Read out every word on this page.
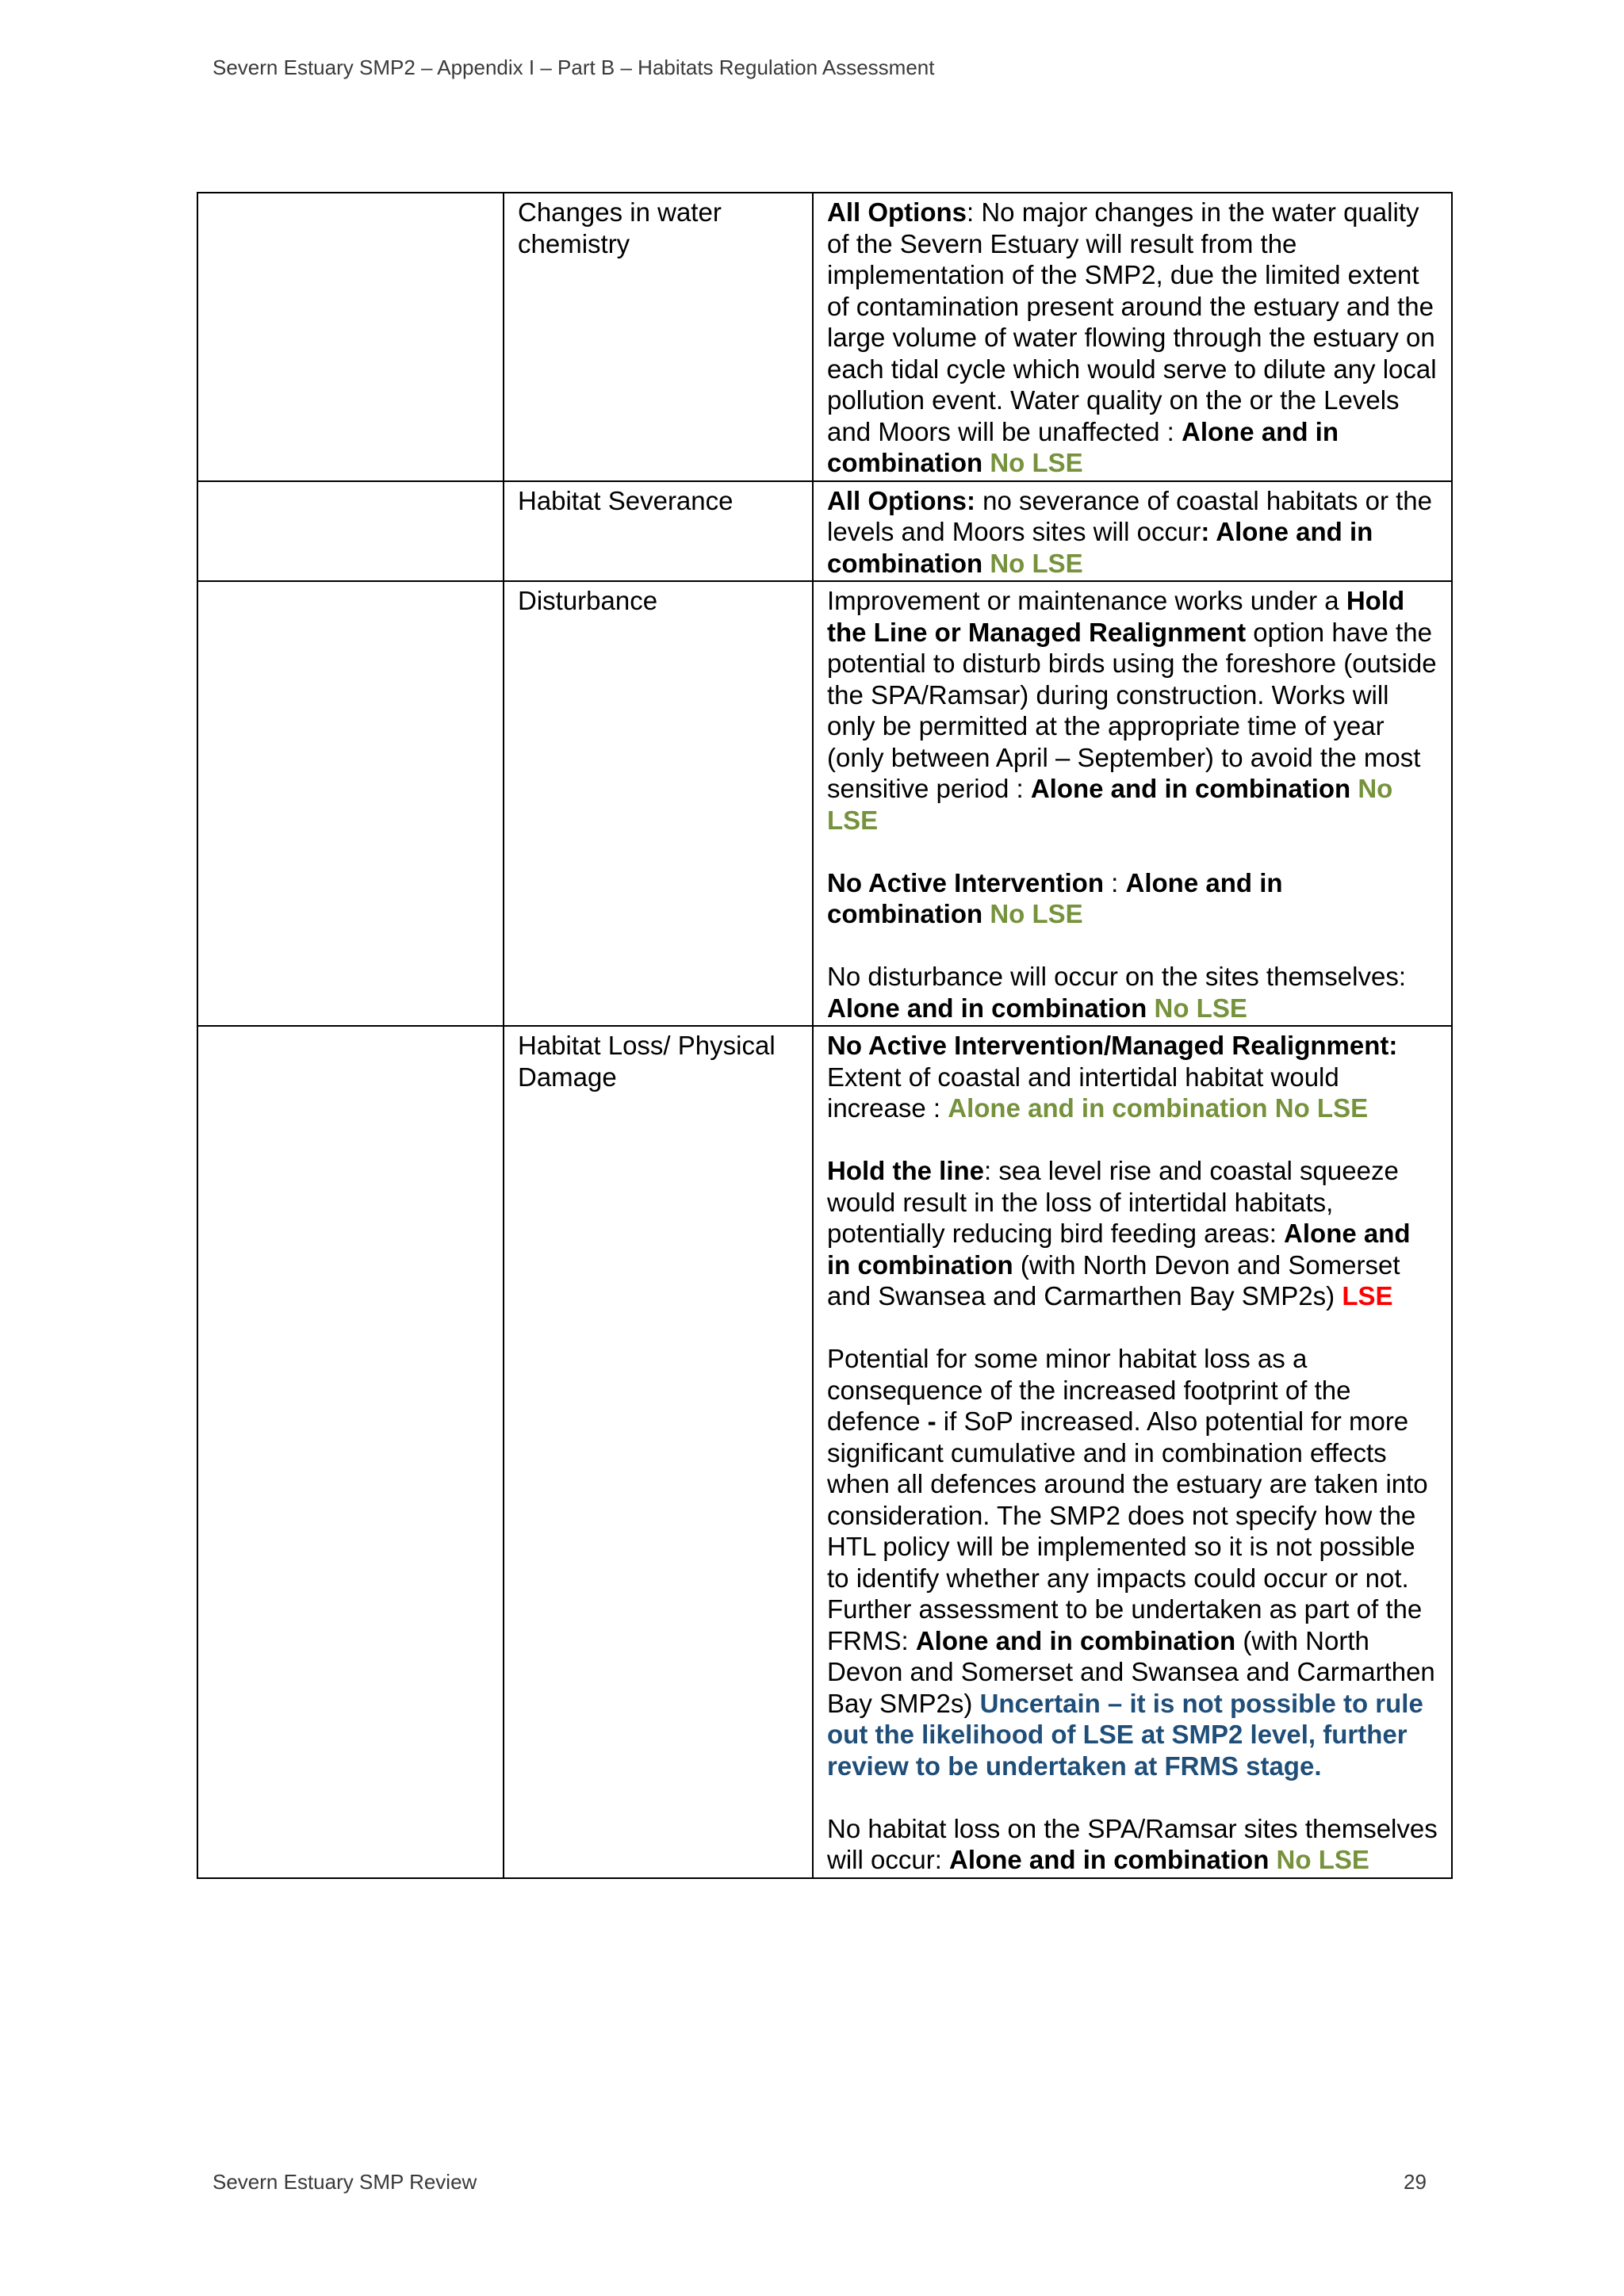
Severn Estuary SMP2 – Appendix I – Part B – Habitats Regulation Assessment
	Changes in water chemistry	All Options: No major changes in the water quality of the Severn Estuary will result from the implementation of the SMP2, due the limited extent of contamination present around the estuary and the large volume of water flowing through the estuary on each tidal cycle which would serve to dilute any local pollution event. Water quality on the or the Levels and Moors will be unaffected : Alone and in combination No LSE

	Habitat Severance	All Options: no severance of coastal habitats or the levels and Moors sites will occur: Alone and in combination No LSE

	Disturbance	Improvement or maintenance works under a Hold the Line or Managed Realignment option have the potential to disturb birds using the foreshore (outside the SPA/Ramsar) during construction. Works will only be permitted at the appropriate time of year (only between April – September) to avoid the most sensitive period : Alone and in combination No LSE

No Active Intervention : Alone and in combination No LSE

No disturbance will occur on the sites themselves: Alone and in combination No LSE

	Habitat Loss/ Physical Damage	No Active Intervention/Managed Realignment: Extent of coastal and intertidal habitat would increase : Alone and in combination No LSE

Hold the line: sea level rise and coastal squeeze would result in the loss of intertidal habitats, potentially reducing bird feeding areas: Alone and in combination (with North Devon and Somerset and Swansea and Carmarthen Bay SMP2s) LSE

Potential for some minor habitat loss as a consequence of the increased footprint of the defence - if SoP increased. Also potential for more significant cumulative and in combination effects when all defences around the estuary are taken into consideration. The SMP2 does not specify how the HTL policy will be implemented so it is not possible to identify whether any impacts could occur or not. Further assessment to be undertaken as part of the FRMS: Alone and in combination (with North Devon and Somerset and Swansea and Carmarthen Bay SMP2s) Uncertain – it is not possible to rule out the likelihood of LSE at SMP2 level, further review to be undertaken at FRMS stage.

No habitat loss on the SPA/Ramsar sites themselves will occur: Alone and in combination No LSE

Severn Estuary SMP Review	29
